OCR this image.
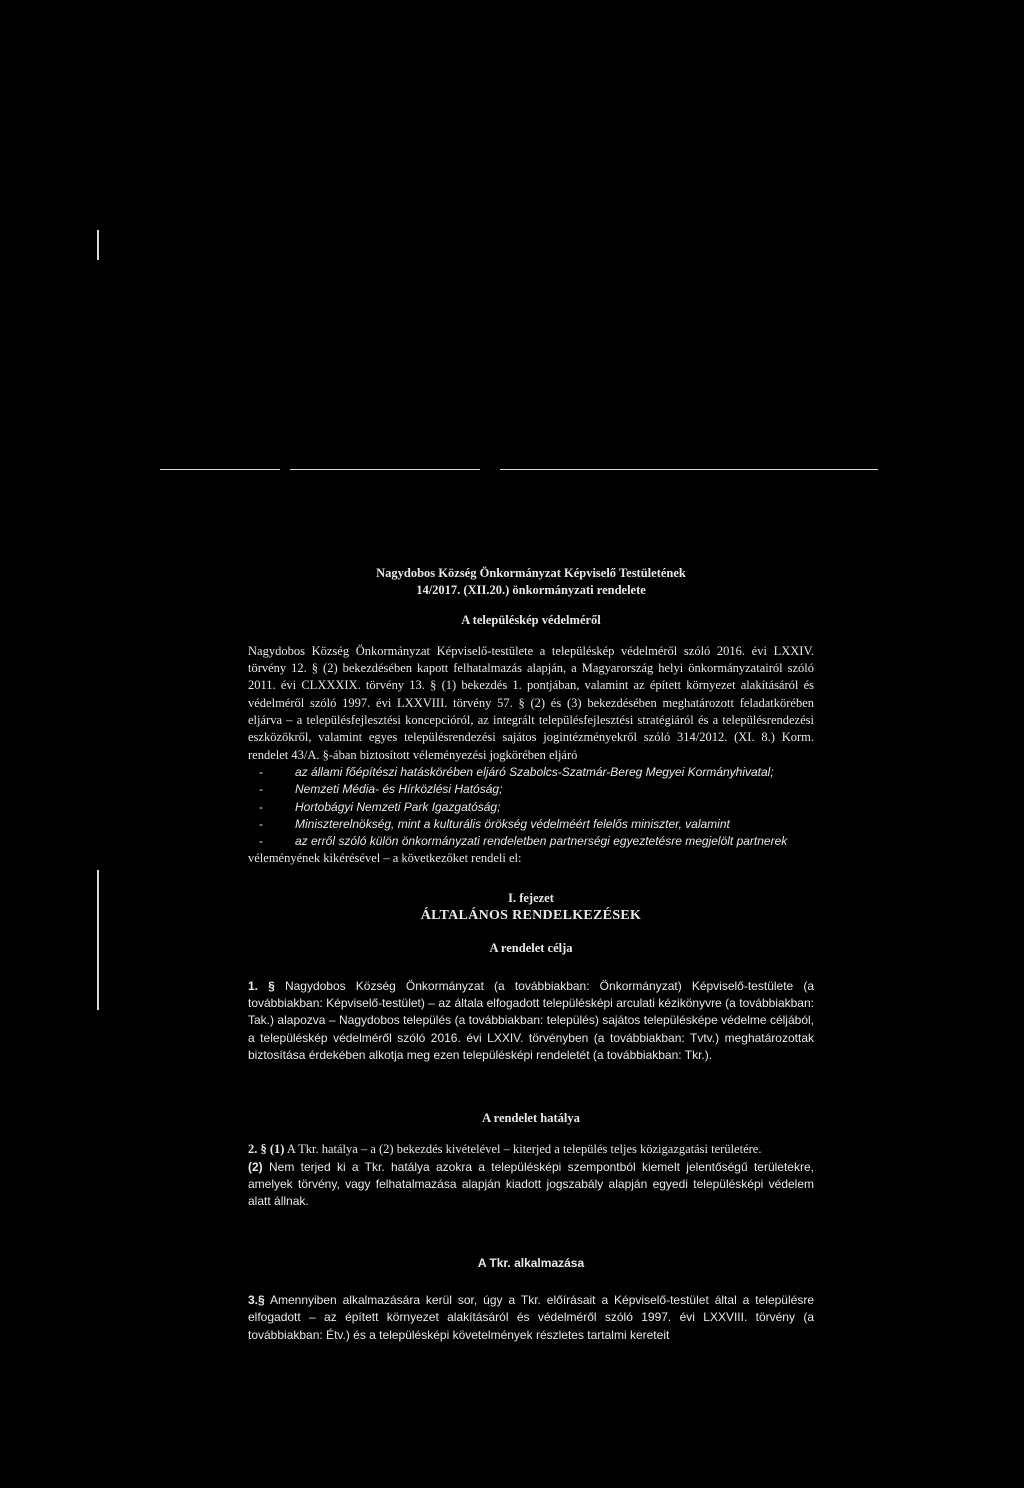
Nagydobos Község Önkormányzat Képviselő Testületének

14/2017. (XII.20.) önkormányzati rendelete

A településkép védelméről

Nagydobos Község Önkormányzat Képviselő-testülete a településkép védelméről szóló 2016. évi LXXIV. törvény 12. § (2) bekezdésében kapott felhatalmazás alapján, a Magyarország helyi önkormányzatairól szóló 2011. évi CLXXXIX. törvény 13. § (1) bekezdés 1. pontjában, valamint az épített környezet alakításáról és védelméről szóló 1997. évi LXXVIII. törvény 57. § (2) és (3) bekezdésében meghatározott feladatkörében eljárva – a településfejlesztési koncepcióról, az integrált településfejlesztési stratégiáról és a településrendezési eszközökről, valamint egyes településrendezési sajátos jogintézményekről szóló 314/2012. (XI. 8.) Korm. rendelet 43/A. §-ában biztosított véleményezési jogkörében eljáró

- az állami főépítészi hatáskörében eljáró Szabolcs-Szatmár-Bereg Megyei Kormányhivatal;
- Nemzeti Média- és Hírközlési Hatóság;
- Hortobágyi Nemzeti Park Igazgatóság;
- Miniszterelnökség, mint a kulturális örökség védelméért felelős miniszter, valamint
- az erről szóló külön önkormányzati rendeletben partnerségi egyeztetésre megjelölt partnerek

véleményének kikérésével – a következőket rendeli el:

I. fejezet

ÁLTALÁNOS RENDELKEZÉSEK

A rendelet célja

1. § Nagydobos Község Önkormányzat (a továbbiakban: Önkormányzat) Képviselő-testülete (a továbbiakban: Képviselő-testület) – az általa elfogadott településképi arculati kézikönyvre (a továbbiakban: Tak.) alapozva – Nagydobos település (a továbbiakban: település) sajátos településképe védelme céljából, a településkép védelméről szóló 2016. évi LXXIV. törvényben (a továbbiakban: Tvtv.) meghatározottak biztosítása érdekében alkotja meg ezen településképi rendeletét (a továbbiakban: Tkr.).

A rendelet hatálya

2. § (1) A Tkr. hatálya – a (2) bekezdés kivételével – kiterjed a település teljes közigazgatási területére.

(2) Nem terjed ki a Tkr. hatálya azokra a településképi szempontból kiemelt jelentőségű területekre, amelyek törvény, vagy felhatalmazása alapján kiadott jogszabály alapján egyedi településképi védelem alatt állnak.

A Tkr. alkalmazása

3.§ Amennyiben alkalmazására kerül sor, úgy a Tkr. előírásait a Képviselő-testület által a településre elfogadott – az épített környezet alakításáról és védelméről szóló 1997. évi LXXVIII. törvény (a továbbiakban: Étv.) és a településképi követelmények részletes tartalmi kereteit
